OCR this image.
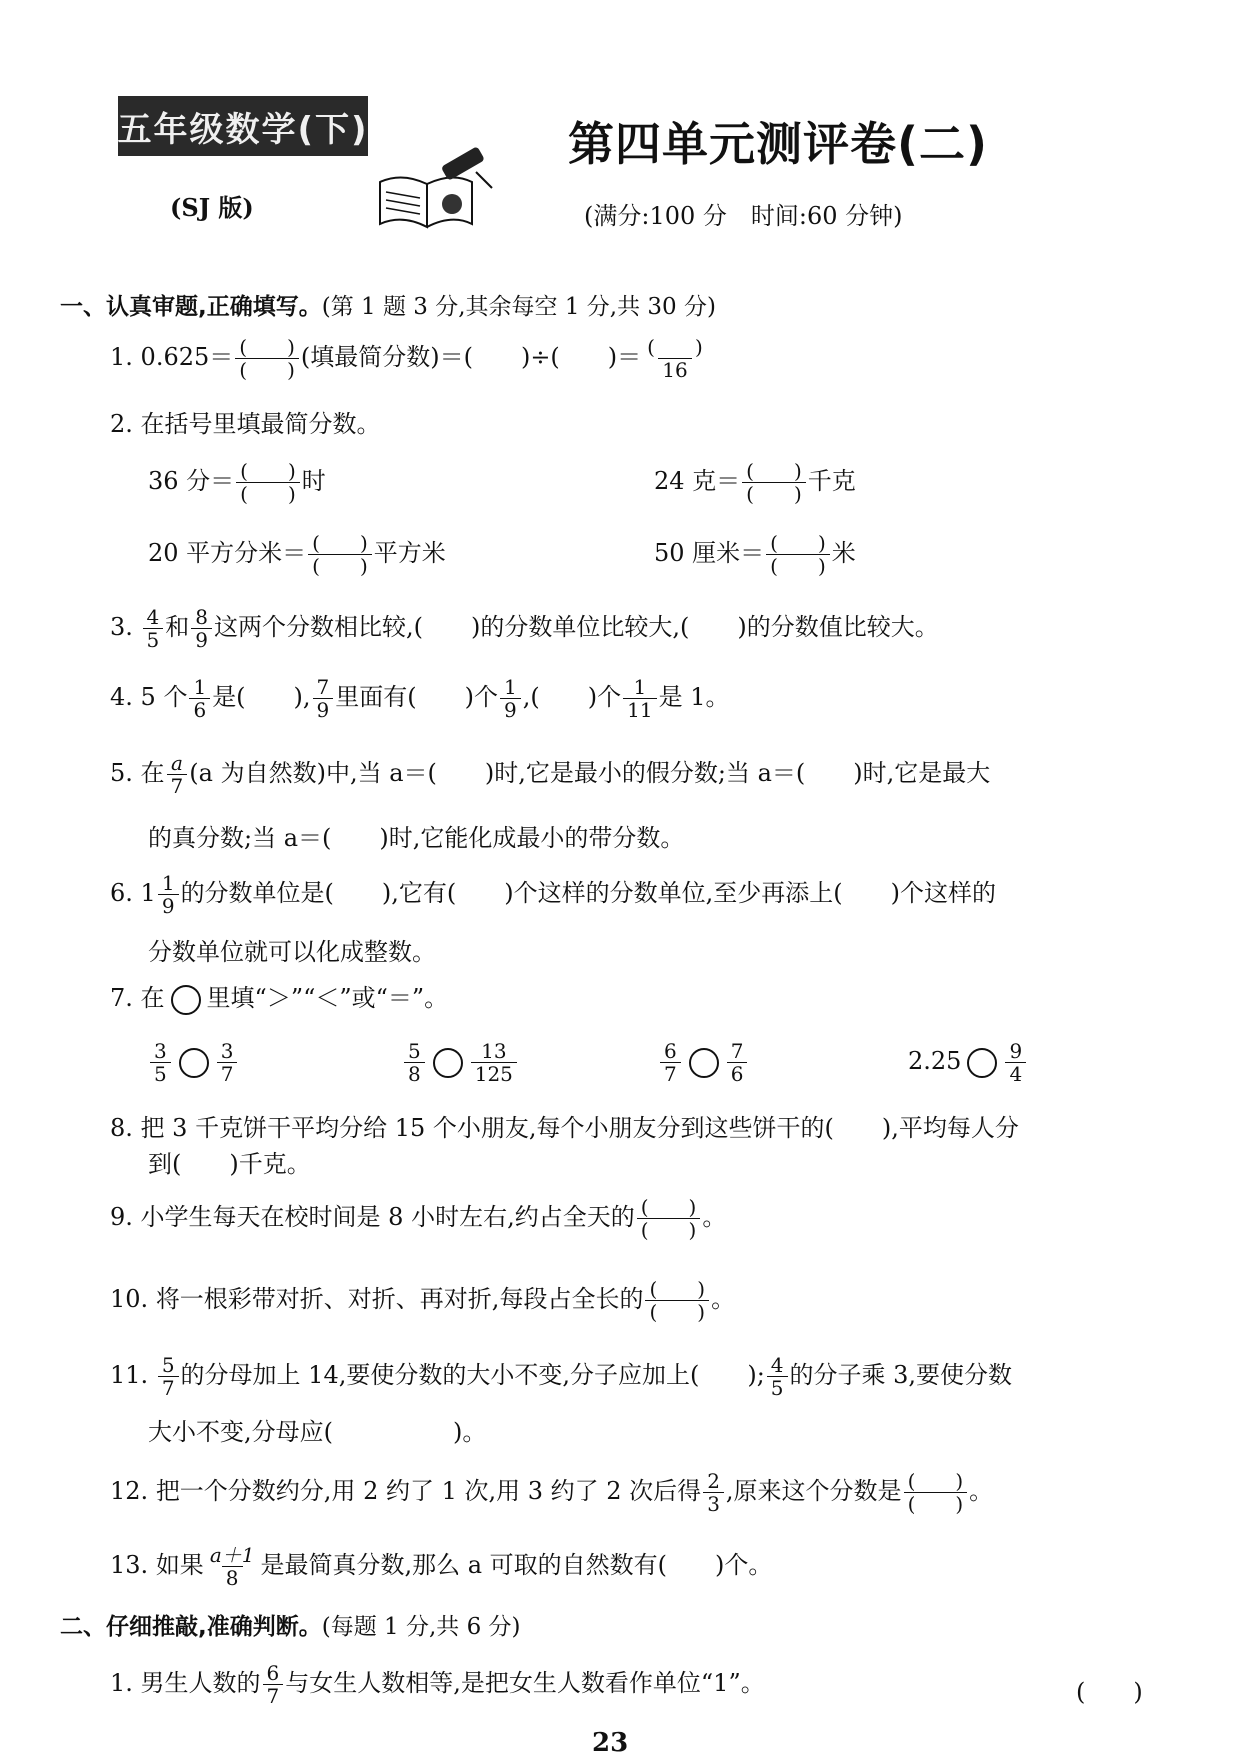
五年级数学(下)
(SJ 版)
第四单元测评卷(二)
(满分:100 分　时间:60 分钟)
一、认真审题,正确填写。(第 1 题 3 分,其余每空 1 分,共 30 分)
1. $0.625= \frac{( )}{( )}$ (填最简分数)＝(　　)÷(　　)＝ $\frac{( )}{16}$
2. 在括号里填最简分数。
36 分＝ $\frac{( )}{( )}$ 时	24 克＝ $\frac{( )}{( )}$ 千克
20 平方分米＝ $\frac{( )}{( )}$ 平方米	50 厘米＝ $\frac{( )}{( )}$ 米
3. $\frac{4}{5}$ 和 $\frac{8}{9}$ 这两个分数相比较,(　　)的分数单位比较大,(　　)的分数值比较大。
4. 5 个 $\frac{1}{6}$ 是(　　), $\frac{7}{9}$ 里面有(　　)个 $\frac{1}{9}$ ,(　　)个 $\frac{1}{11}$ 是 1。
5. 在 $\frac{a}{7} (a$ 为自然数)中,当 a＝(　　)时,它是最小的假分数;当 a＝(　　)时,它是最大
的真分数;当 a＝(　　)时,它能化成最小的带分数。
6. $1 \frac{1}{9}$ 的分数单位是(　　),它有(　　)个这样的分数单位,至少再添上(　　)个这样的
分数单位就可以化成整数。
7. 在 里填“＞”“＜”或“＝”。
$\frac{3}{5} \frac{3}{7}$	$\frac{5}{8} \frac{13}{125}$	$\frac{6}{7} \frac{7}{6}$	$2.25 \frac{9}{4}$
8. 把 3 千克饼干平均分给 15 个小朋友,每个小朋友分到这些饼干的(　　),平均每人分
到(　　)千克。
9. 小学生每天在校时间是 8 小时左右,约占全天的 $\frac{( )}{( )}$ 。
10. 将一根彩带对折、对折、再对折,每段占全长的 $\frac{( )}{( )}$ 。
11. $\frac{5}{7}$ 的分母加上 14,要使分数的大小不变,分子应加上(　　); $\frac{4}{5}$ 的分子乘 3,要使分数
大小不变,分母应(　　　　　)。
12. 把一个分数约分,用 2 约了 1 次,用 3 约了 2 次后得 $\frac{2}{3}$ ,原来这个分数是 $\frac{( )}{( )}$ 。
13. 如果 $\frac{a+1}{8}$ 是最简真分数,那么 a 可取的自然数有(　　)个。
二、仔细推敲,准确判断。(每题 1 分,共 6 分)
1. 男生人数的 $\frac{6}{7}$ 与女生人数相等,是把女生人数看作单位“1”。	(　　)
23
